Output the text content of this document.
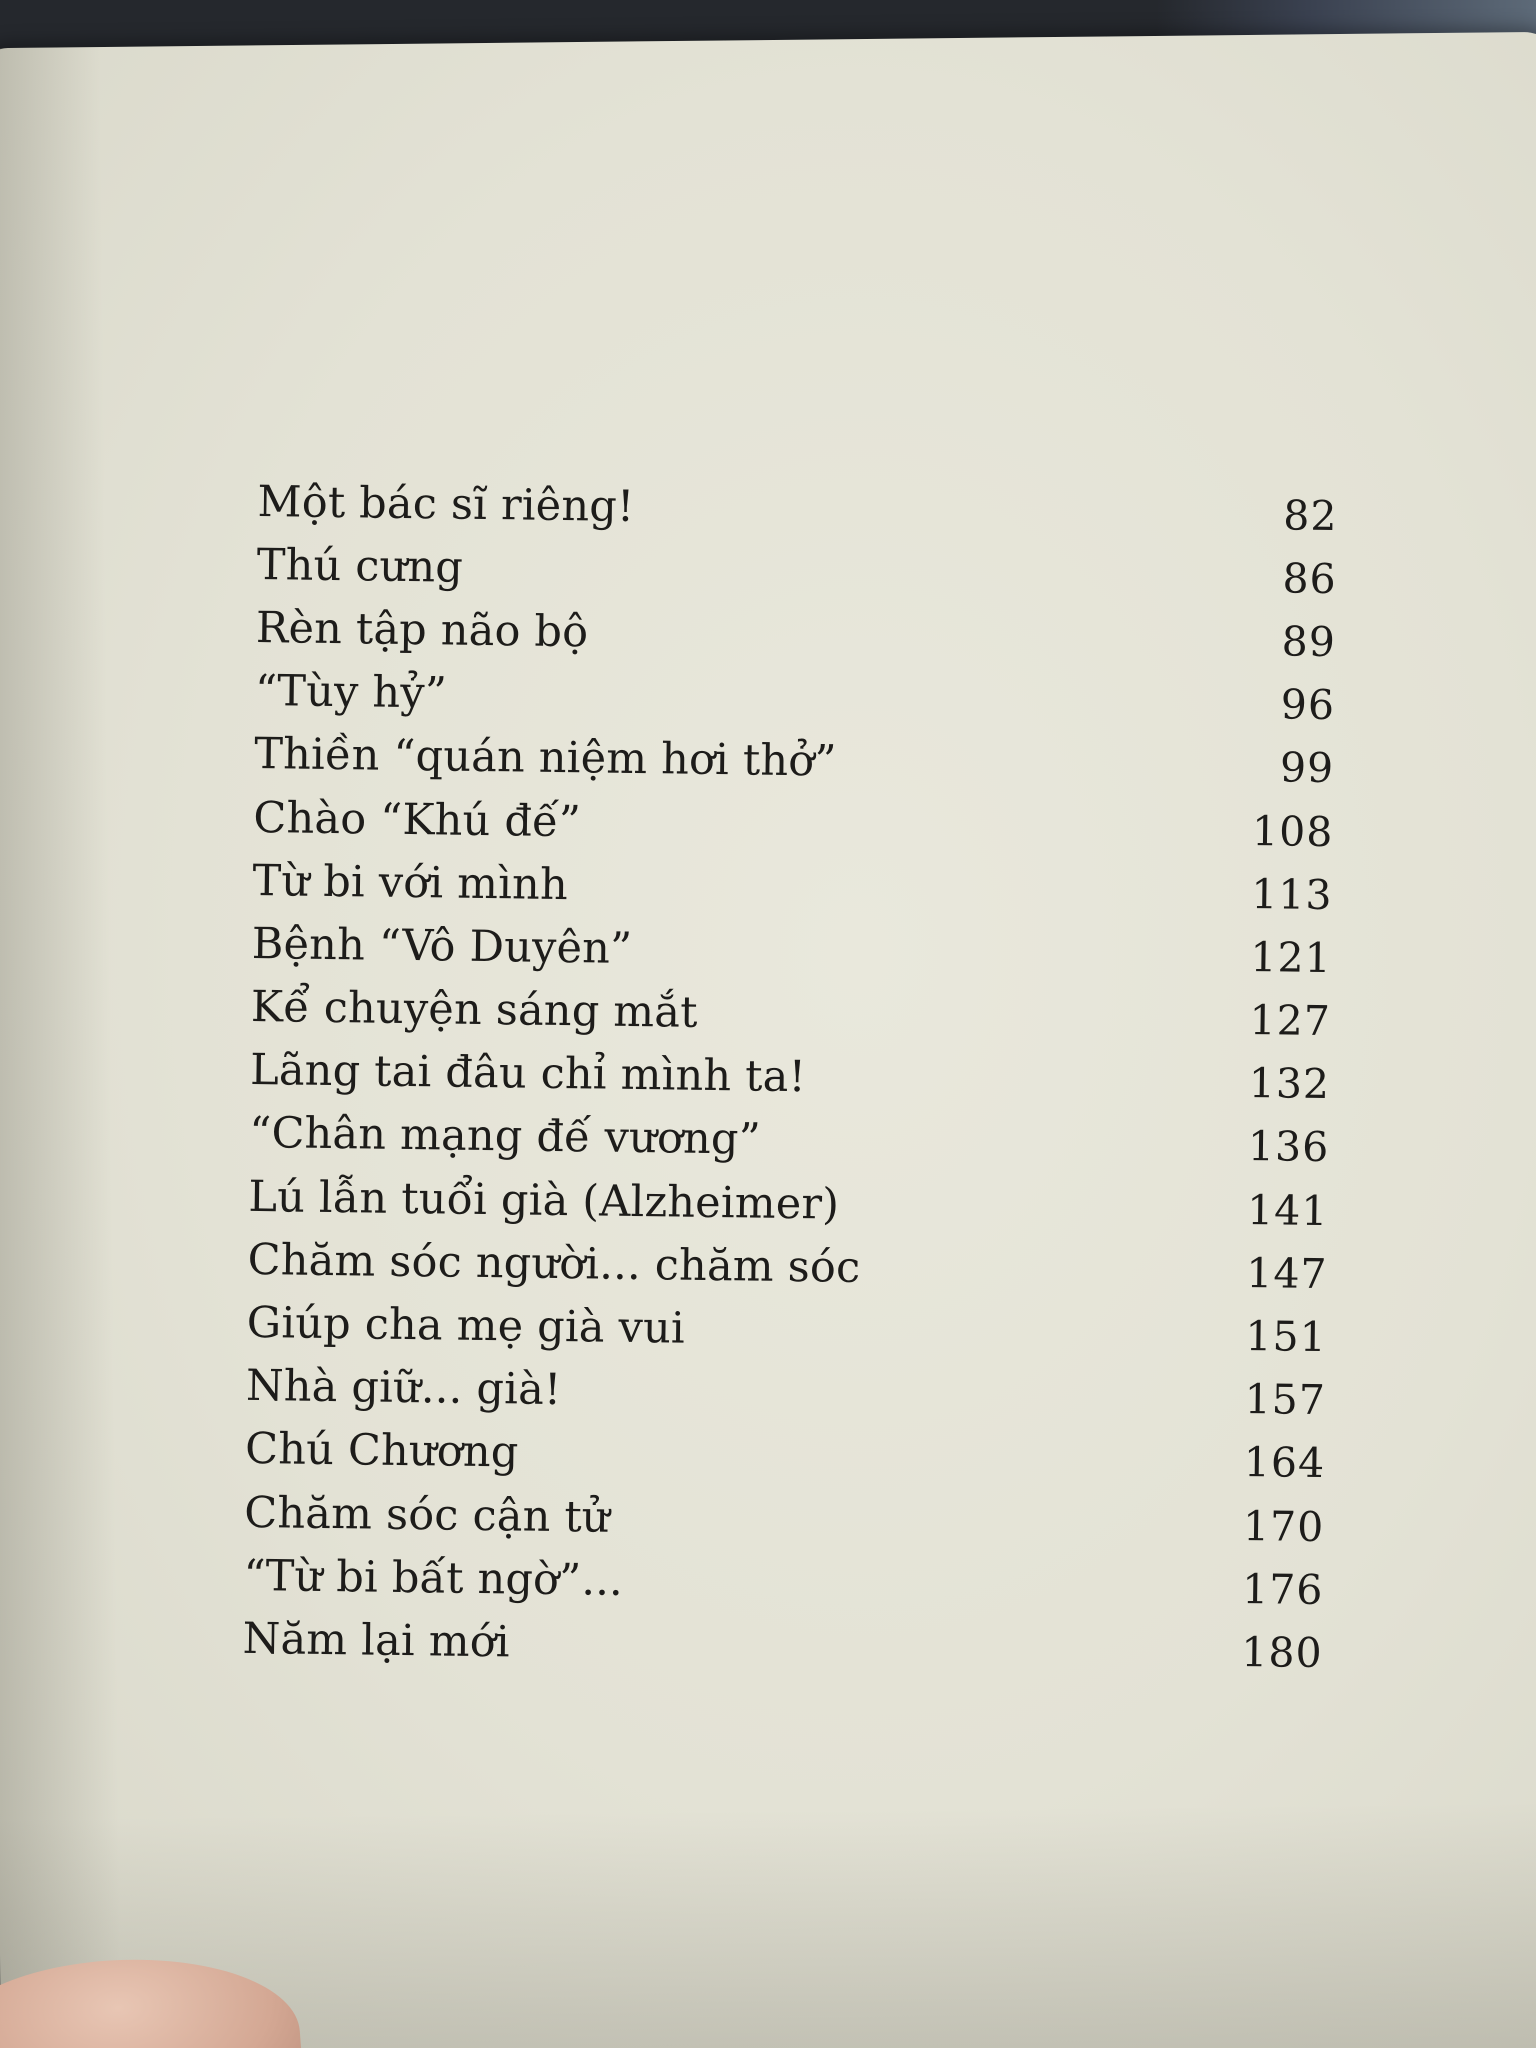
Một bác sĩ riêng!	82
Thú cưng	86
Rèn tập não bộ	89
“Tùy hỷ”	96
Thiền “quán niệm hơi thở”	99
Chào “Khú đế”	108
Từ bi với mình	113
Bệnh “Vô Duyên”	121
Kể chuyện sáng mắt	127
Lãng tai đâu chỉ mình ta!	132
“Chân mạng đế vương”	136
Lú lẫn tuổi già (Alzheimer)	141
Chăm sóc người... chăm sóc	147
Giúp cha mẹ già vui	151
Nhà giữ... già!	157
Chú Chương	164
Chăm sóc cận tử	170
“Từ bi bất ngờ”...	176
Năm lại mới	180
